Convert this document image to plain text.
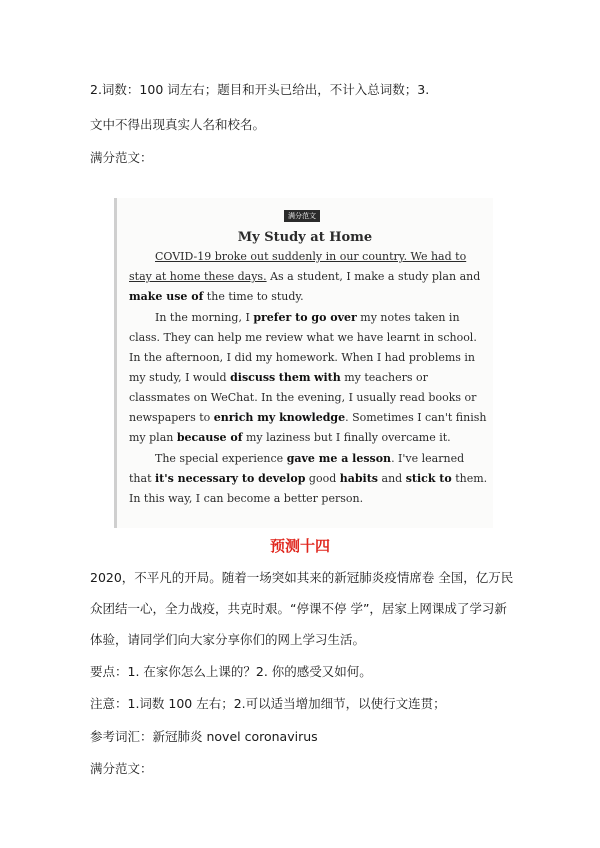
2.词数：100 词左右；题目和开头已给出，不计入总词数；3.
文中不得出现真实人名和校名。
满分范文：
满分范文
My Study at Home
COVID-19 broke out suddenly in our country. We had to
stay at home these days. As a student, I make a study plan and
make use of the time to study.
In the morning, I prefer to go over my notes taken in
class. They can help me review what we have learnt in school.
In the afternoon, I did my homework. When I had problems in
my study, I would discuss them with my teachers or
classmates on WeChat. In the evening, I usually read books or
newspapers to enrich my knowledge. Sometimes I can't finish
my plan because of my laziness but I finally overcame it.
The special experience gave me a lesson. I've learned
that it's necessary to develop good habits and stick to them.
In this way, I can become a better person.
预测十四
2020，不平凡的开局。随着一场突如其来的新冠肺炎疫情席卷 全国，亿万民
众团结一心，全力战疫，共克时艰。“停课不停 学”，居家上网课成了学习新
体验，请同学们向大家分享你们的网上学习生活。
要点：1. 在家你怎么上课的？2. 你的感受又如何。
注意：1.词数 100 左右；2.可以适当增加细节，以使行文连贯；
参考词汇：新冠肺炎 novel coronavirus
满分范文：
